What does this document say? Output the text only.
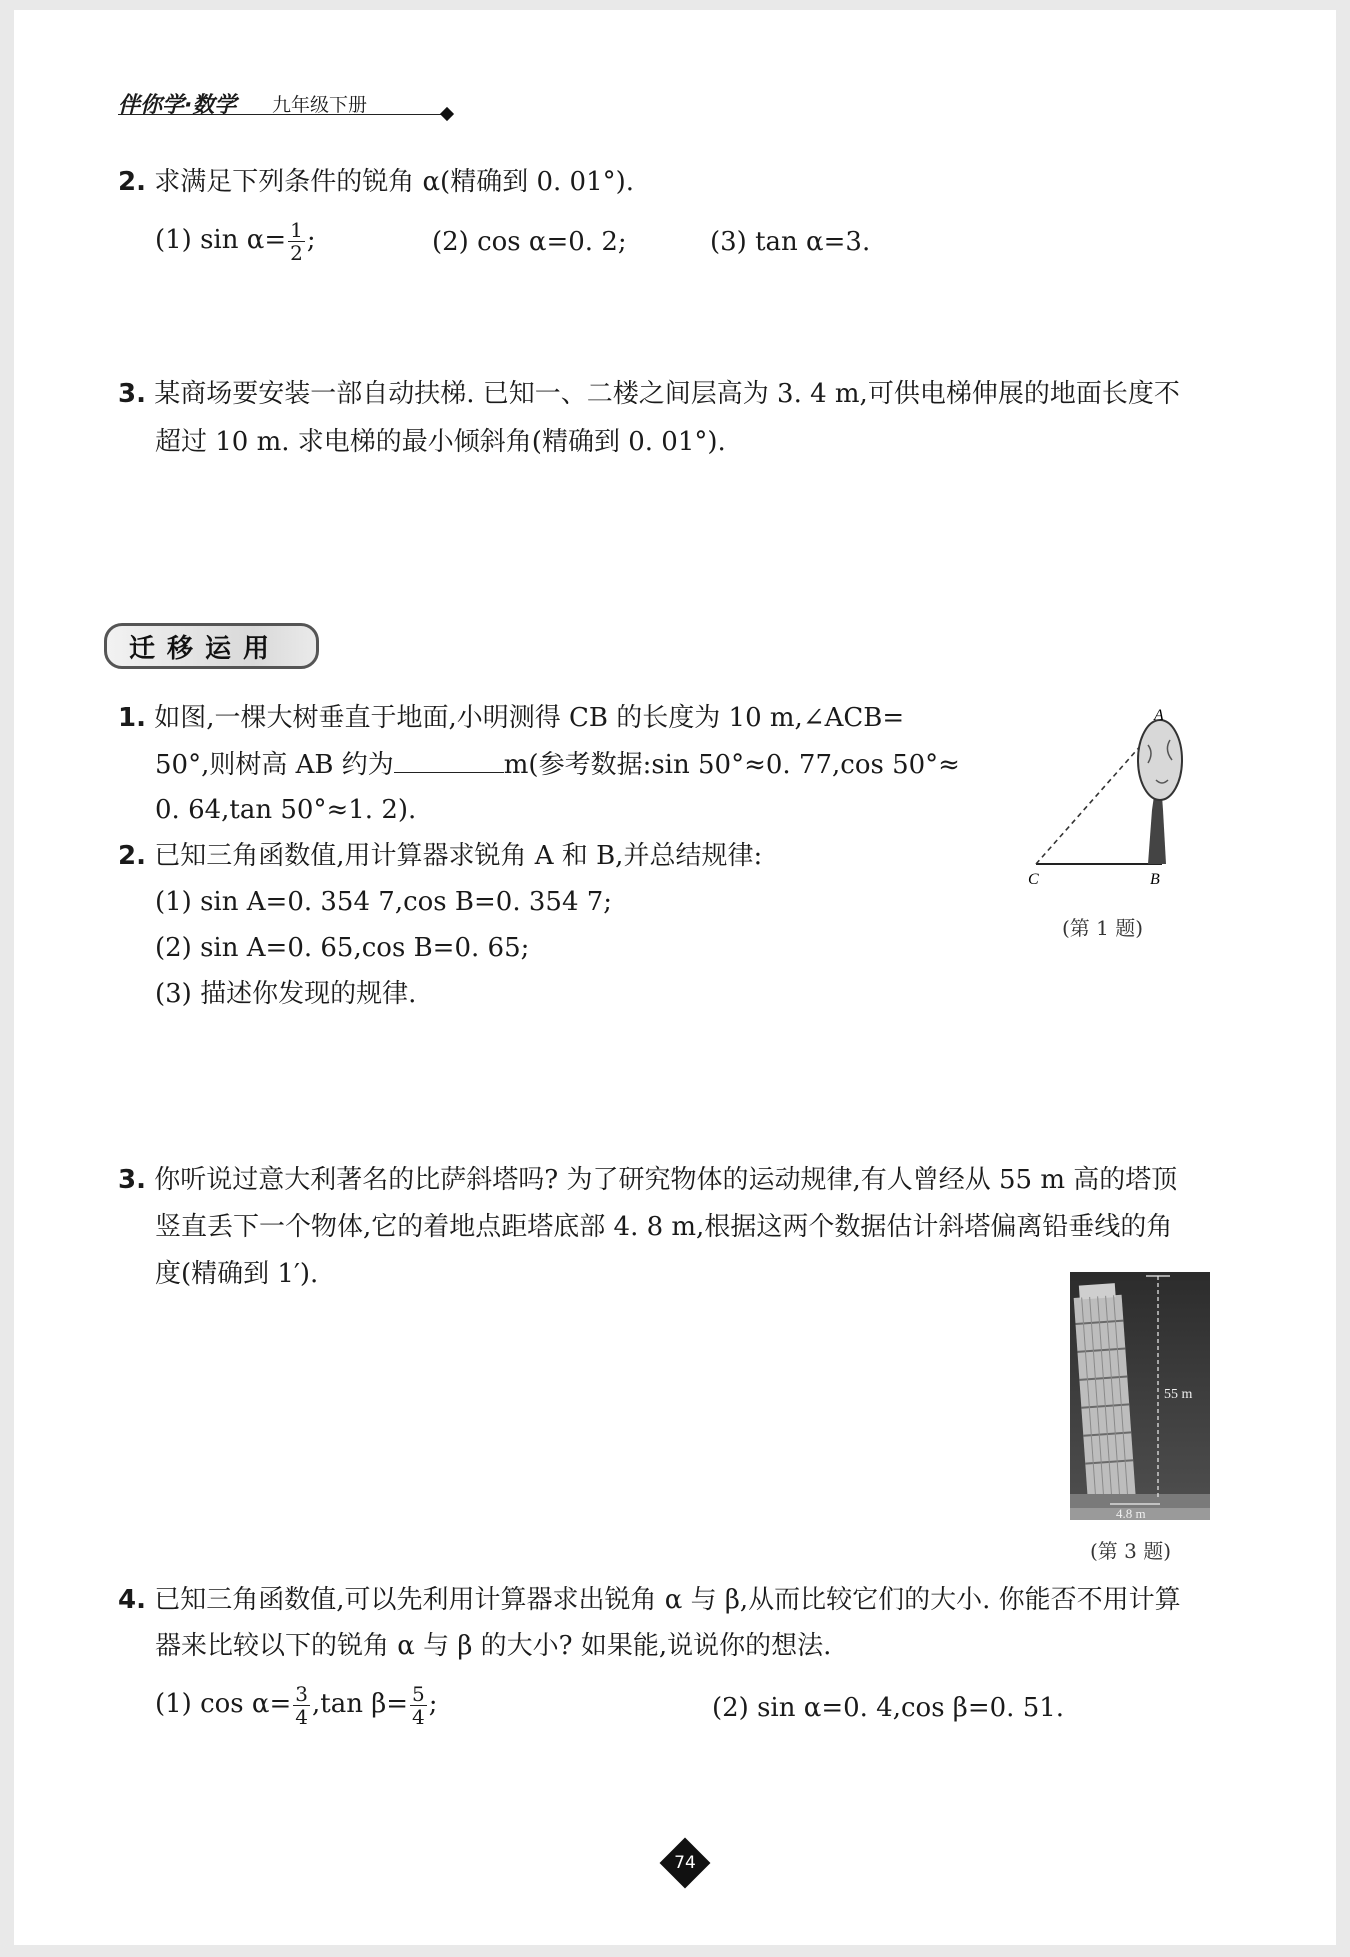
伴你学·数学 九年级下册
2. 求满足下列条件的锐角 α(精确到 0. 01°).
(1) $\sin \alpha= \frac{1}{2}$ ;	(2) cos α=0. 2;	(3) tan α=3.
3. 某商场要安装一部自动扶梯. 已知一、二楼之间层高为 3. 4 m,可供电梯伸展的地面长度不
超过 10 m. 求电梯的最小倾斜角(精确到 0. 01°).
迁移运用
1. 如图,一棵大树垂直于地面,小明测得 CB 的长度为 10 m,∠ACB=
50°,则树高 AB 约为	m(参考数据:sin 50°≈0. 77,cos 50°≈
0. 64,tan 50°≈1. 2).
A
C	B
(第 1 题)
2. 已知三角函数值,用计算器求锐角 A 和 B,并总结规律:
(1) sin A=0. 354 7,cos B=0. 354 7;
(2) sin A=0. 65,cos B=0. 65;
(3) 描述你发现的规律.
3. 你听说过意大利著名的比萨斜塔吗? 为了研究物体的运动规律,有人曾经从 55 m 高的塔顶
竖直丢下一个物体,它的着地点距塔底部 4. 8 m,根据这两个数据估计斜塔偏离铅垂线的角
度(精确到 1′).
55 m
4.8 m
(第 3 题)
4. 已知三角函数值,可以先利用计算器求出锐角 α 与 β,从而比较它们的大小. 你能否不用计算
器来比较以下的锐角 α 与 β 的大小? 如果能,说说你的想法.
(1) $\cos \alpha= \frac{3}{4} ,\tan$ $\beta= \frac{5}{4}$ ;	(2) sin α=0. 4,cos β=0. 51.
74
